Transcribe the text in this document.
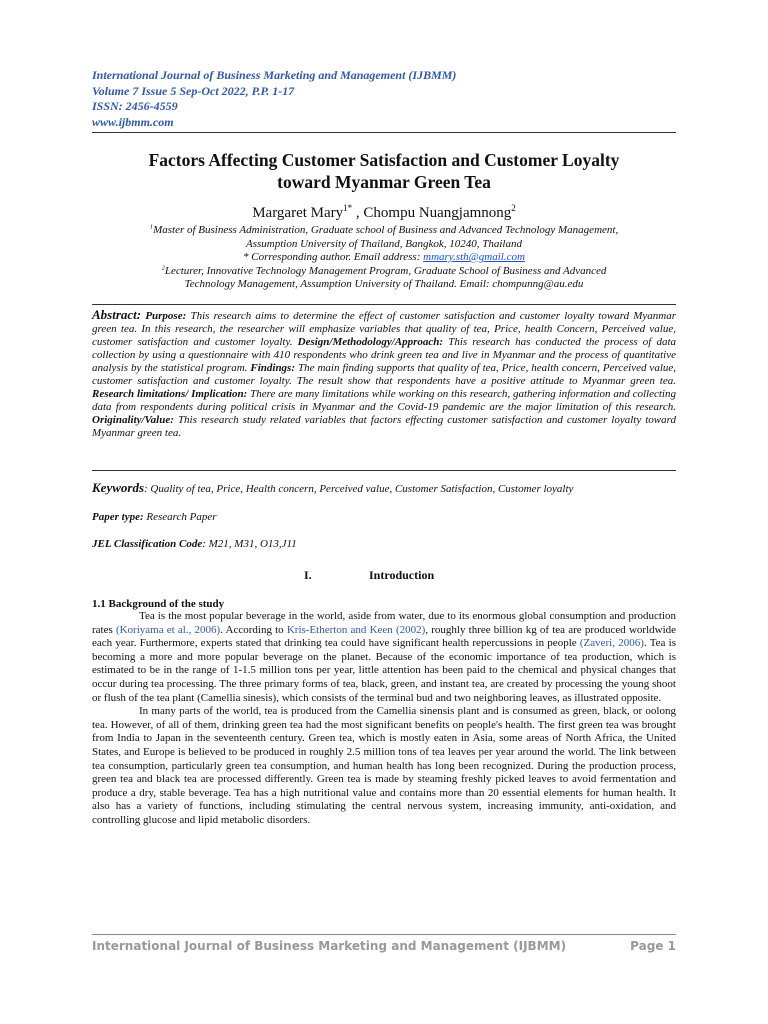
International Journal of Business Marketing and Management (IJBMM)
Volume 7 Issue 5 Sep-Oct 2022, P.P. 1-17
ISSN: 2456-4559
www.ijbmm.com
Factors Affecting Customer Satisfaction and Customer Loyalty
toward Myanmar Green Tea
Margaret Mary$^{1*}$ , Chompu Nuangjamnong$^2$
$^1$Master of Business Administration, Graduate school of Business and Advanced Technology Management,
Assumption University of Thailand, Bangkok, 10240, Thailand
* Corresponding author. Email address: mmary.sth@gmail.com
$^2$Lecturer, Innovative Technology Management Program, Graduate School of Business and Advanced
Technology Management, Assumption University of Thailand. Email: chompunng@au.edu
Abstract: Purpose: This research aims to determine the effect of customer satisfaction and customer loyalty toward Myanmar green tea. In this research, the researcher will emphasize variables that quality of tea, Price, health Concern, Perceived value, customer satisfaction and customer loyalty. Design/Methodology/Approach: This research has conducted the process of data collection by using a questionnaire with 410 respondents who drink green tea and live in Myanmar and the process of quantitative analysis by the statistical program. Findings: The main finding supports that quality of tea, Price, health concern, Perceived value, customer satisfaction and customer loyalty. The result show that respondents have a positive attitude to Myanmar green tea. Research limitations/ Implication: There are many limitations while working on this research, gathering information and collecting data from respondents during political crisis in Myanmar and the Covid-19 pandemic are the major limitation of this research. Originality/Value: This research study related variables that factors effecting customer satisfaction and customer loyalty toward Myanmar green tea.
Keywords: Quality of tea, Price, Health concern, Perceived value, Customer Satisfaction, Customer loyalty
Paper type: Research Paper
JEL Classification Code: M21, M31, O13,J11
I.	Introduction
1.1 Background of the study

Tea is the most popular beverage in the world, aside from water, due to its enormous global consumption and production rates (Koriyama et al., 2006). According to Kris-Etherton and Keen (2002), roughly three billion kg of tea are produced worldwide each year. Furthermore, experts stated that drinking tea could have significant health repercussions in people (Zaveri, 2006). Tea is becoming a more and more popular beverage on the planet. Because of the economic importance of tea production, which is estimated to be in the range of 1-1.5 million tons per year, little attention has been paid to the chemical and physical changes that occur during tea processing. The three primary forms of tea, black, green, and instant tea, are created by processing the young shoot or flush of the tea plant (Camellia sinesis), which consists of the terminal bud and two neighboring leaves, as illustrated opposite.

In many parts of the world, tea is produced from the Camellia sinensis plant and is consumed as green, black, or oolong tea. However, of all of them, drinking green tea had the most significant benefits on people's health. The first green tea was brought from India to Japan in the seventeenth century. Green tea, which is mostly eaten in Asia, some areas of North Africa, the United States, and Europe is believed to be produced in roughly 2.5 million tons of tea leaves per year around the world. The link between tea consumption, particularly green tea consumption, and human health has long been recognized. During the production process, green tea and black tea are processed differently. Green tea is made by steaming freshly picked leaves to avoid fermentation and produce a dry, stable beverage. Tea has a high nutritional value and contains more than 20 essential elements for human health. It also has a variety of functions, including stimulating the central nervous system, increasing immunity, anti-oxidation, and controlling glucose and lipid metabolic disorders.

International Journal of Business Marketing and Management (IJBMM)	Page 1
